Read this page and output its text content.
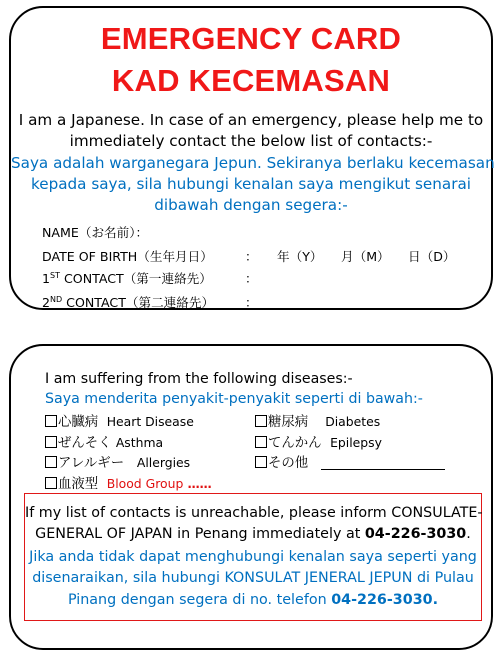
EMERGENCY CARD
KAD KECEMASAN
I am a Japanese. In case of an emergency, please help me to
immediately contact the below list of contacts:-
Saya adalah warganegara Jepun. Sekiranya berlaku kecemasan
kepada saya, sila hubungi kenalan saya mengikut senarai
dibawah dengan segera:-
NAME（お名前）：
DATE OF BIRTH（生年月日）	： 年（Y） 月（M） 日（D）
1ST CONTACT（第一連絡先）	：
2ND CONTACT（第二連絡先） ：
I am suffering from the following diseases:-
Saya menderita penyakit-penyakit seperti di bawah:-
心臓病 Heart Disease	糖尿病 Diabetes
ぜんそく Asthma	てんかん Epilepsy
アレルギー Allergies	その他
血液型 Blood Group ……
If my list of contacts is unreachable, please inform CONSULATE-
GENERAL OF JAPAN in Penang immediately at 04-226-3030.
Jika anda tidak dapat menghubungi kenalan saya seperti yang
disenaraikan, sila hubungi KONSULAT JENERAL JEPUN di Pulau
Pinang dengan segera di no. telefon 04-226-3030.
